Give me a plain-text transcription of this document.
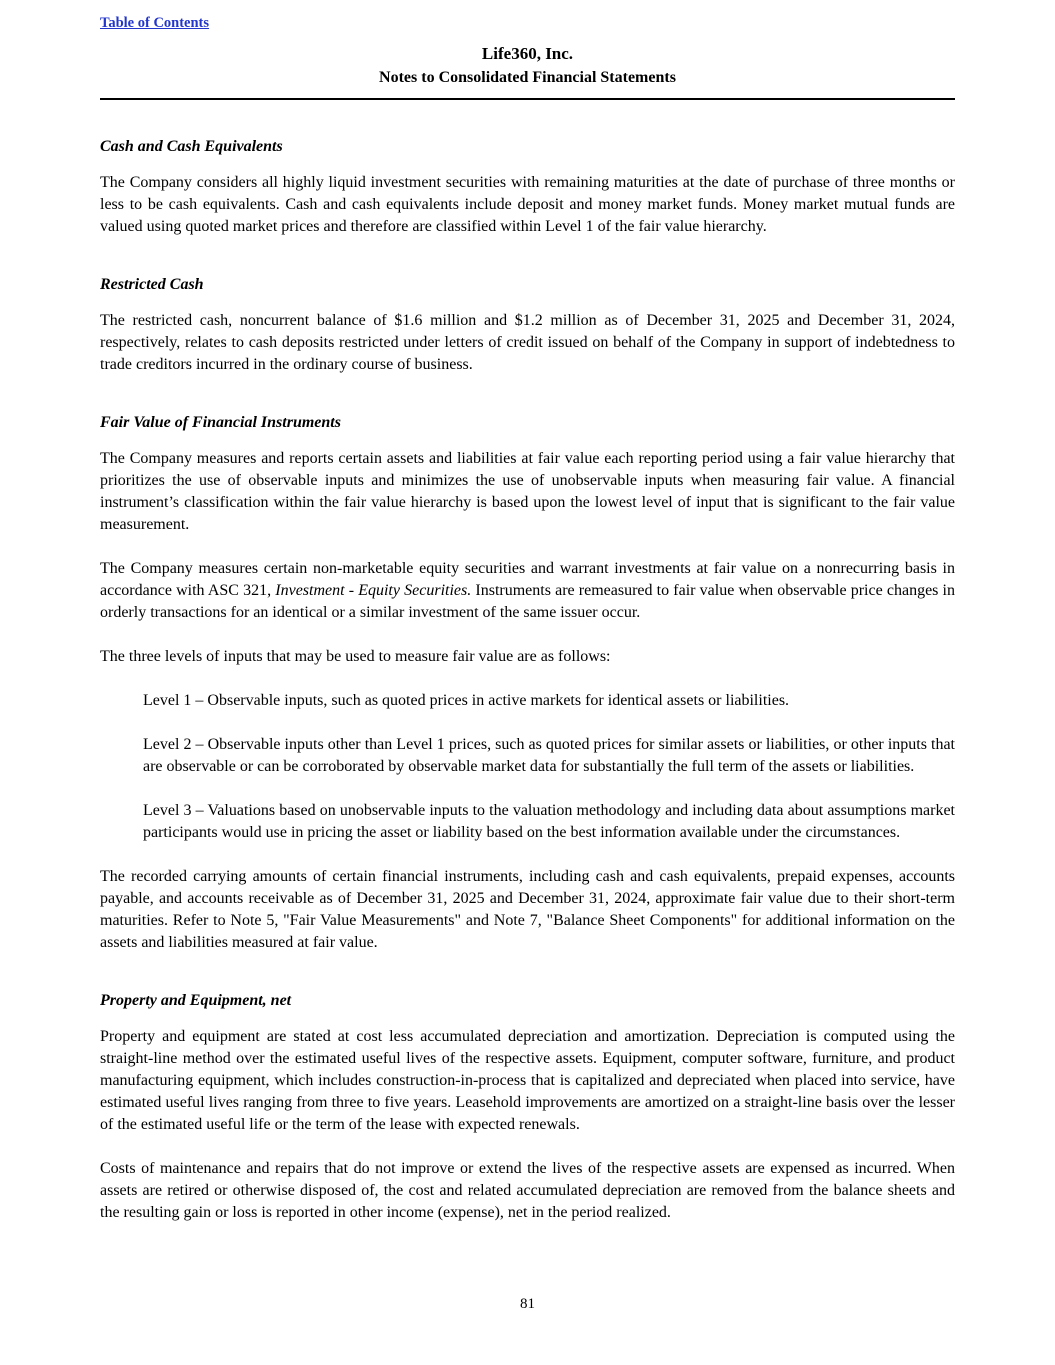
Table of Contents
Life360, Inc.
Notes to Consolidated Financial Statements
Cash and Cash Equivalents

The Company considers all highly liquid investment securities with remaining maturities at the date of purchase of three months or less to be cash equivalents. Cash and cash equivalents include deposit and money market funds. Money market mutual funds are valued using quoted market prices and therefore are classified within Level 1 of the fair value hierarchy.

Restricted Cash

The restricted cash, noncurrent balance of $1.6 million and $1.2 million as of December 31, 2025 and December 31, 2024, respectively, relates to cash deposits restricted under letters of credit issued on behalf of the Company in support of indebtedness to trade creditors incurred in the ordinary course of business.

Fair Value of Financial Instruments

The Company measures and reports certain assets and liabilities at fair value each reporting period using a fair value hierarchy that prioritizes the use of observable inputs and minimizes the use of unobservable inputs when measuring fair value. A financial instrument’s classification within the fair value hierarchy is based upon the lowest level of input that is significant to the fair value measurement.

The Company measures certain non-marketable equity securities and warrant investments at fair value on a nonrecurring basis in accordance with ASC 321, Investment - Equity Securities. Instruments are remeasured to fair value when observable price changes in orderly transactions for an identical or a similar investment of the same issuer occur.

The three levels of inputs that may be used to measure fair value are as follows:

Level 1 – Observable inputs, such as quoted prices in active markets for identical assets or liabilities.

Level 2 – Observable inputs other than Level 1 prices, such as quoted prices for similar assets or liabilities, or other inputs that are observable or can be corroborated by observable market data for substantially the full term of the assets or liabilities.

Level 3 – Valuations based on unobservable inputs to the valuation methodology and including data about assumptions market participants would use in pricing the asset or liability based on the best information available under the circumstances.

The recorded carrying amounts of certain financial instruments, including cash and cash equivalents, prepaid expenses, accounts payable, and accounts receivable as of December 31, 2025 and December 31, 2024, approximate fair value due to their short-term maturities. Refer to Note 5, "Fair Value Measurements" and Note 7, "Balance Sheet Components" for additional information on the assets and liabilities measured at fair value.

Property and Equipment, net

Property and equipment are stated at cost less accumulated depreciation and amortization. Depreciation is computed using the straight-line method over the estimated useful lives of the respective assets. Equipment, computer software, furniture, and product manufacturing equipment, which includes construction-in-process that is capitalized and depreciated when placed into service, have estimated useful lives ranging from three to five years. Leasehold improvements are amortized on a straight-line basis over the lesser of the estimated useful life or the term of the lease with expected renewals.

Costs of maintenance and repairs that do not improve or extend the lives of the respective assets are expensed as incurred. When assets are retired or otherwise disposed of, the cost and related accumulated depreciation are removed from the balance sheets and the resulting gain or loss is reported in other income (expense), net in the period realized.

81
